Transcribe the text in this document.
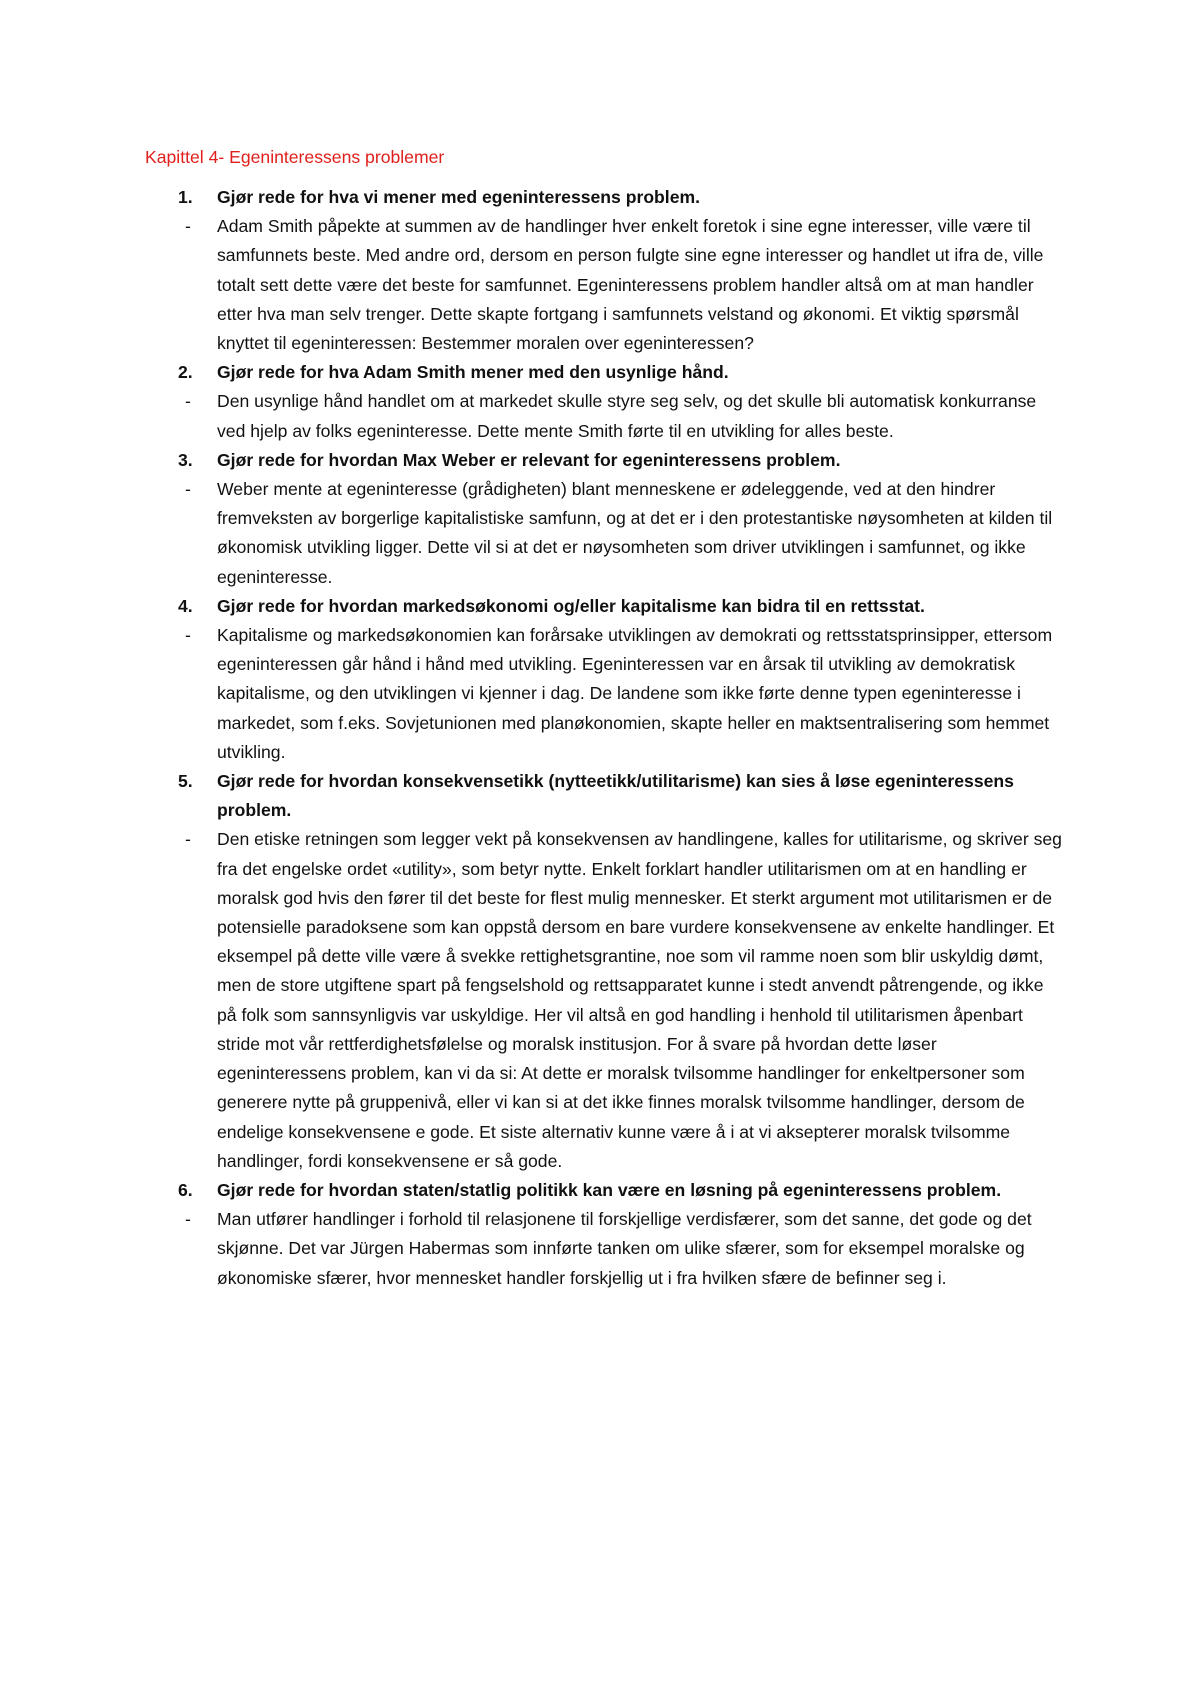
Kapittel 4- Egeninteressens problemer
1. Gjør rede for hva vi mener med egeninteressens problem.
- Adam Smith påpekte at summen av de handlinger hver enkelt foretok i sine egne interesser, ville være til samfunnets beste. Med andre ord, dersom en person fulgte sine egne interesser og handlet ut ifra de, ville totalt sett dette være det beste for samfunnet. Egeninteressens problem handler altså om at man handler etter hva man selv trenger. Dette skapte fortgang i samfunnets velstand og økonomi. Et viktig spørsmål knyttet til egeninteressen: Bestemmer moralen over egeninteressen?
2. Gjør rede for hva Adam Smith mener med den usynlige hånd.
- Den usynlige hånd handlet om at markedet skulle styre seg selv, og det skulle bli automatisk konkurranse ved hjelp av folks egeninteresse. Dette mente Smith førte til en utvikling for alles beste.
3. Gjør rede for hvordan Max Weber er relevant for egeninteressens problem.
- Weber mente at egeninteresse (grådigheten) blant menneskene er ødeleggende, ved at den hindrer fremveksten av borgerlige kapitalistiske samfunn, og at det er i den protestantiske nøysomheten at kilden til økonomisk utvikling ligger. Dette vil si at det er nøysomheten som driver utviklingen i samfunnet, og ikke egeninteresse.
4. Gjør rede for hvordan markedsøkonomi og/eller kapitalisme kan bidra til en rettsstat.
- Kapitalisme og markedsøkonomien kan forårsake utviklingen av demokrati og rettsstatsprinsipper, ettersom egeninteressen går hånd i hånd med utvikling. Egeninteressen var en årsak til utvikling av demokratisk kapitalisme, og den utviklingen vi kjenner i dag. De landene som ikke førte denne typen egeninteresse i markedet, som f.eks. Sovjetunionen med planøkonomien, skapte heller en maktsentralisering som hemmet utvikling.
5. Gjør rede for hvordan konsekvensetikk (nytteetikk/utilitarisme) kan sies å løse egeninteressens problem.
- Den etiske retningen som legger vekt på konsekvensen av handlingene, kalles for utilitarisme, og skriver seg fra det engelske ordet «utility», som betyr nytte. Enkelt forklart handler utilitarismen om at en handling er moralsk god hvis den fører til det beste for flest mulig mennesker. Et sterkt argument mot utilitarismen er de potensielle paradoksene som kan oppstå dersom en bare vurdere konsekvensene av enkelte handlinger. Et eksempel på dette ville være å svekke rettighetsgrantine, noe som vil ramme noen som blir uskyldig dømt, men de store utgiftene spart på fengselshold og rettsapparatet kunne i stedt anvendt påtrengende, og ikke på folk som sannsynligvis var uskyldige. Her vil altså en god handling i henhold til utilitarismen åpenbart stride mot vår rettferdighetsfølelse og moralsk institusjon. For å svare på hvordan dette løser egeninteressens problem, kan vi da si: At dette er moralsk tvilsomme handlinger for enkeltpersoner som generere nytte på gruppenivå, eller vi kan si at det ikke finnes moralsk tvilsomme handlinger, dersom de endelige konsekvensene e gode. Et siste alternativ kunne være å i at vi aksepterer moralsk tvilsomme handlinger, fordi konsekvensene er så gode.
6. Gjør rede for hvordan staten/statlig politikk kan være en løsning på egeninteressens problem.
- Man utfører handlinger i forhold til relasjonene til forskjellige verdisfærer, som det sanne, det gode og det skjønne. Det var Jürgen Habermas som innførte tanken om ulike sfærer, som for eksempel moralske og økonomiske sfærer, hvor mennesket handler forskjellig ut i fra hvilken sfære de befinner seg i.
